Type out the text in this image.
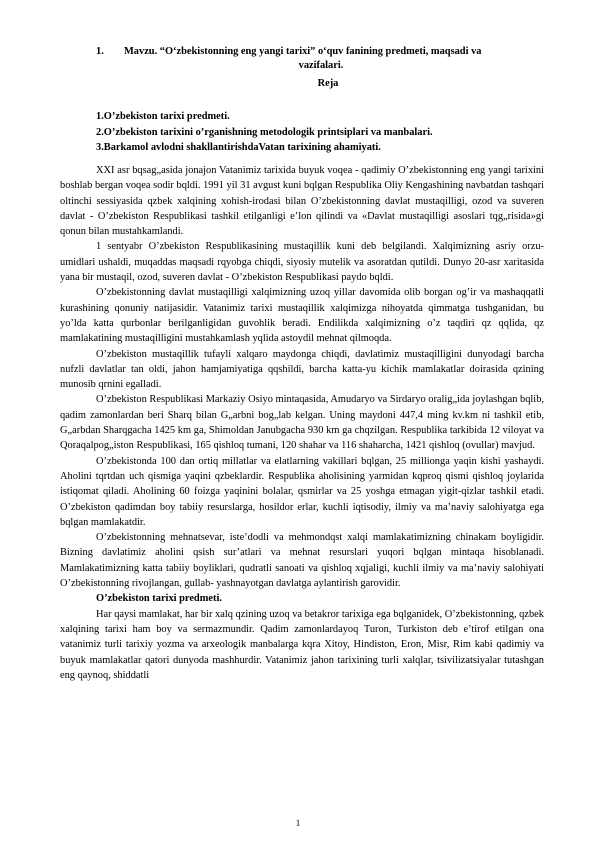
1. Mavzu. “O‘zbekistonning eng yangi tarixi” o‘quv fanining predmeti, maqsadi va
vazifalari.
Reja
1.O’zbekiston tarixi predmeti.
2.O’zbekiston tarixini o’rganishning metodologik printsiplari va manbalari.
3.Barkamol avlodni shakllantirishdaVatan tarixining ahamiyati.

XXI asr bqsag„asida jonajon Vatanimiz tarixida buyuk voqea - qadimiy O’zbekistonning eng yangi tarixini boshlab bergan voqea sodir bqldi. 1991 yil 31 avgust kuni bqlgan Respublika Oliy Kengashining navbatdan tashqari oltinchi sessiyasida qzbek xalqining xohish-irodasi bilan O’zbekistonning davlat mustaqilligi, ozod va suveren davlat - O’zbekiston Respublikasi tashkil etilganligi e’lon qilindi va «Davlat mustaqilligi asoslari tqg„risida»gi qonun bilan mustahkamlandi.

1 sentyabr O’zbekiston Respublikasining mustaqillik kuni deb belgilandi. Xalqimizning asriy orzu-umidlari ushaldi, muqaddas maqsadi rqyobga chiqdi, siyosiy mutelik va asoratdan qutildi. Dunyo 20-asr xaritasida yana bir mustaqil, ozod, suveren davlat - O’zbekiston Respublikasi paydo bqldi.

O’zbekistonning davlat mustaqilligi xalqimizning uzoq yillar davomida olib borgan og’ir va mashaqqatli kurashining qonuniy natijasidir. Vatanimiz tarixi mustaqillik xalqimizga nihoyatda qimmatga tushganidan, bu yo’lda katta qurbonlar berilganligidan guvohlik beradi. Endilikda xalqimizning o’z taqdiri qz qqlida, qz mamlakatining mustaqilligini mustahkamlash yqlida astoydil mehnat qilmoqda.

O’zbekiston mustaqillik tufayli xalqaro maydonga chiqdi, davlatimiz mustaqilligini dunyodagi barcha nufzli davlatlar tan oldi, jahon hamjamiyatiga qqshildi, barcha katta-yu kichik mamlakatlar doirasida qzining munosib qrnini egalladi.

O’zbekiston Respublikasi Markaziy Osiyo mintaqasida, Amudaryo va Sirdaryo oralig„ida joylashgan bqlib, qadim zamonlardan beri Sharq bilan G„arbni bog„lab kelgan. Uning maydoni 447,4 ming kv.km ni tashkil etib, G„arbdan Sharqgacha 1425 km ga, Shimoldan Janubgacha 930 km ga chqzilgan. Respublika tarkibida 12 viloyat va Qoraqalpog„iston Respublikasi, 165 qishloq tumani, 120 shahar va 116 shaharcha, 1421 qishloq (ovullar) mavjud.

O’zbekistonda 100 dan ortiq millatlar va elatlarning vakillari bqlgan, 25 millionga yaqin kishi yashaydi. Aholini tqrtdan uch qismiga yaqini qzbeklardir. Respublika aholisining yarmidan kqproq qismi qishloq joylarida istiqomat qiladi. Aholining 60 foizga yaqinini bolalar, qsmirlar va 25 yoshga etmagan yigit-qizlar tashkil etadi. O’zbekiston qadimdan boy tabiiy resurslarga, hosildor erlar, kuchli iqtisodiy, ilmiy va ma’naviy salohiyatga ega bqlgan mamlakatdir.

O’zbekistonning mehnatsevar, iste’dodli va mehmondqst xalqi mamlakatimizning chinakam boyligidir. Bizning davlatimiz aholini qsish sur’atlari va mehnat resurslari yuqori bqlgan mintaqa hisoblanadi. Mamlakatimizning katta tabiiy boyliklari, qudratli sanoati va qishloq xqjaligi, kuchli ilmiy va ma’naviy salohiyati O’zbekistonning rivojlangan, gullab- yashnayotgan davlatga aylantirish garovidir.

O’zbekiston tarixi predmeti.

Har qaysi mamlakat, har bir xalq qzining uzoq va betakror tarixiga ega bqlganidek, O’zbekistonning, qzbek xalqining tarixi ham boy va sermazmundir. Qadim zamonlardayoq Turon, Turkiston deb e’tirof etilgan ona vatanimiz turli tarixiy yozma va arxeologik manbalarga kqra Xitoy, Hindiston, Eron, Misr, Rim kabi qadimiy va buyuk mamlakatlar qatori dunyoda mashhurdir. Vatanimiz jahon tarixining turli xalqlar, tsivilizatsiyalar tutashgan eng qaynoq, shiddatli

1
